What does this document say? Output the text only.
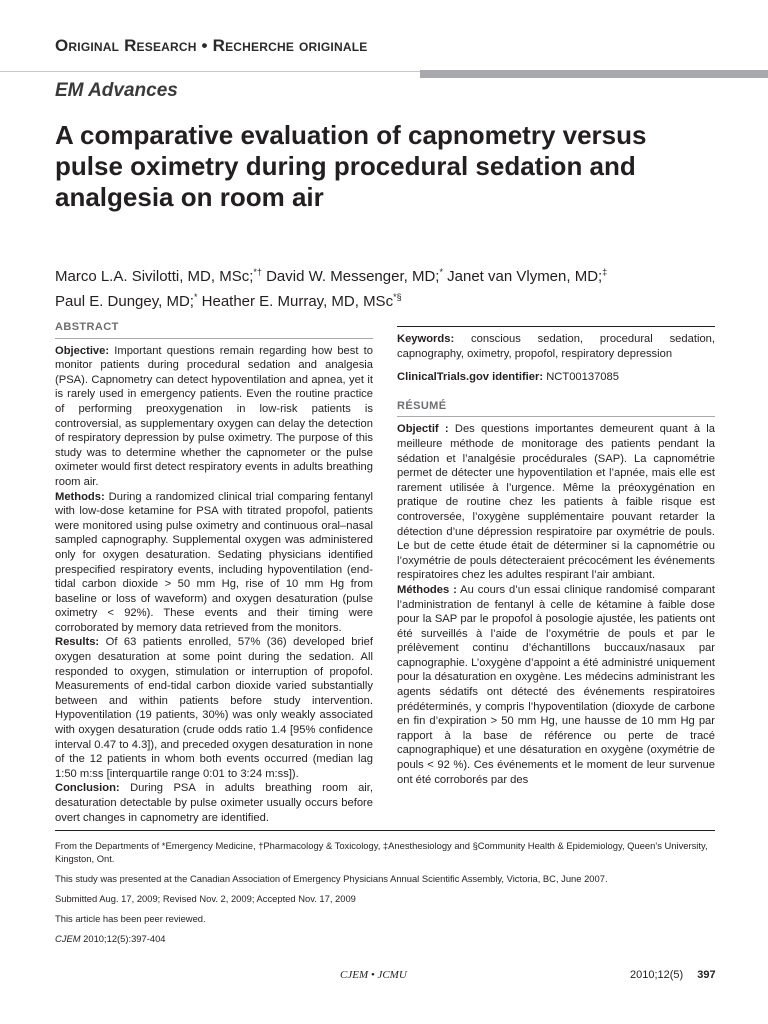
Original Research • Recherche originale
EM Advances
A comparative evaluation of capnometry versus pulse oximetry during procedural sedation and analgesia on room air
Marco L.A. Sivilotti, MD, MSc;*† David W. Messenger, MD;* Janet van Vlymen, MD;‡
Paul E. Dungey, MD;* Heather E. Murray, MD, MSc*§
ABSTRACT

Objective: Important questions remain regarding how best to monitor patients during procedural sedation and analgesia (PSA). Capnometry can detect hypoventilation and apnea, yet it is rarely used in emergency patients. Even the routine practice of performing preoxygenation in low-risk patients is controversial, as supplementary oxygen can delay the detection of respiratory depression by pulse oximetry. The purpose of this study was to determine whether the capnometer or the pulse oximeter would first detect respiratory events in adults breathing room air.

Methods: During a randomized clinical trial comparing fentanyl with low-dose ketamine for PSA with titrated propofol, patients were monitored using pulse oximetry and continuous oral–nasal sampled capnography. Supplemental oxygen was administered only for oxygen desaturation. Sedating physicians identified prespecified respiratory events, including hypoventilation (end-tidal carbon dioxide > 50 mm Hg, rise of 10 mm Hg from baseline or loss of waveform) and oxygen desaturation (pulse oximetry < 92%). These events and their timing were corroborated by memory data retrieved from the monitors.

Results: Of 63 patients enrolled, 57% (36) developed brief oxygen desaturation at some point during the sedation. All responded to oxygen, stimulation or interruption of propofol. Measurements of end-tidal carbon dioxide varied substantially between and within patients before study intervention. Hypoventilation (19 patients, 30%) was only weakly associated with oxygen desaturation (crude odds ratio 1.4 [95% confidence interval 0.47 to 4.3]), and preceded oxygen desaturation in none of the 12 patients in whom both events occurred (median lag 1:50 m:ss [interquartile range 0:01 to 3:24 m:ss]).

Conclusion: During PSA in adults breathing room air, desaturation detectable by pulse oximeter usually occurs before overt changes in capnometry are identified.

Keywords: conscious sedation, procedural sedation, capnography, oximetry, propofol, respiratory depression

ClinicalTrials.gov identifier: NCT00137085

RÉSUMÉ

Objectif : Des questions importantes demeurent quant à la meilleure méthode de monitorage des patients pendant la sédation et l’analgésie procédurales (SAP). La capnométrie permet de détecter une hypoventilation et l’apnée, mais elle est rarement utilisée à l’urgence. Même la préoxygénation en pratique de routine chez les patients à faible risque est controversée, l’oxygène supplémentaire pouvant retarder la détection d’une dépression respiratoire par oxymétrie de pouls. Le but de cette étude était de déterminer si la capnométrie ou l’oxymétrie de pouls détecteraient précocément les événements respiratoires chez les adultes respirant l’air ambiant.

Méthodes : Au cours d’un essai clinique randomisé comparant l’administration de fentanyl à celle de kétamine à faible dose pour la SAP par le propofol à posologie ajustée, les patients ont été surveillés à l’aide de l’oxymétrie de pouls et par le prélèvement continu d’échantillons buccaux/nasaux par capnographie. L’oxygène d’appoint a été administré uniquement pour la désaturation en oxygène. Les médecins administrant les agents sédatifs ont détecté des événements respiratoires prédéterminés, y compris l’hypoventilation (dioxyde de carbone en fin d’expiration > 50 mm Hg, une hausse de 10 mm Hg par rapport à la base de référence ou perte de tracé capnographique) et une désaturation en oxygène (oxymétrie de pouls < 92 %). Ces événements et le moment de leur survenue ont été corroborés par des

From the Departments of *Emergency Medicine, †Pharmacology & Toxicology, ‡Anesthesiology and §Community Health & Epidemiology, Queen’s University, Kingston, Ont.

This study was presented at the Canadian Association of Emergency Physicians Annual Scientific Assembly, Victoria, BC, June 2007.

Submitted Aug. 17, 2009; Revised Nov. 2, 2009; Accepted Nov. 17, 2009

This article has been peer reviewed.

CJEM 2010;12(5):397-404

CJEM • JCMU	2010;12(5) 397
